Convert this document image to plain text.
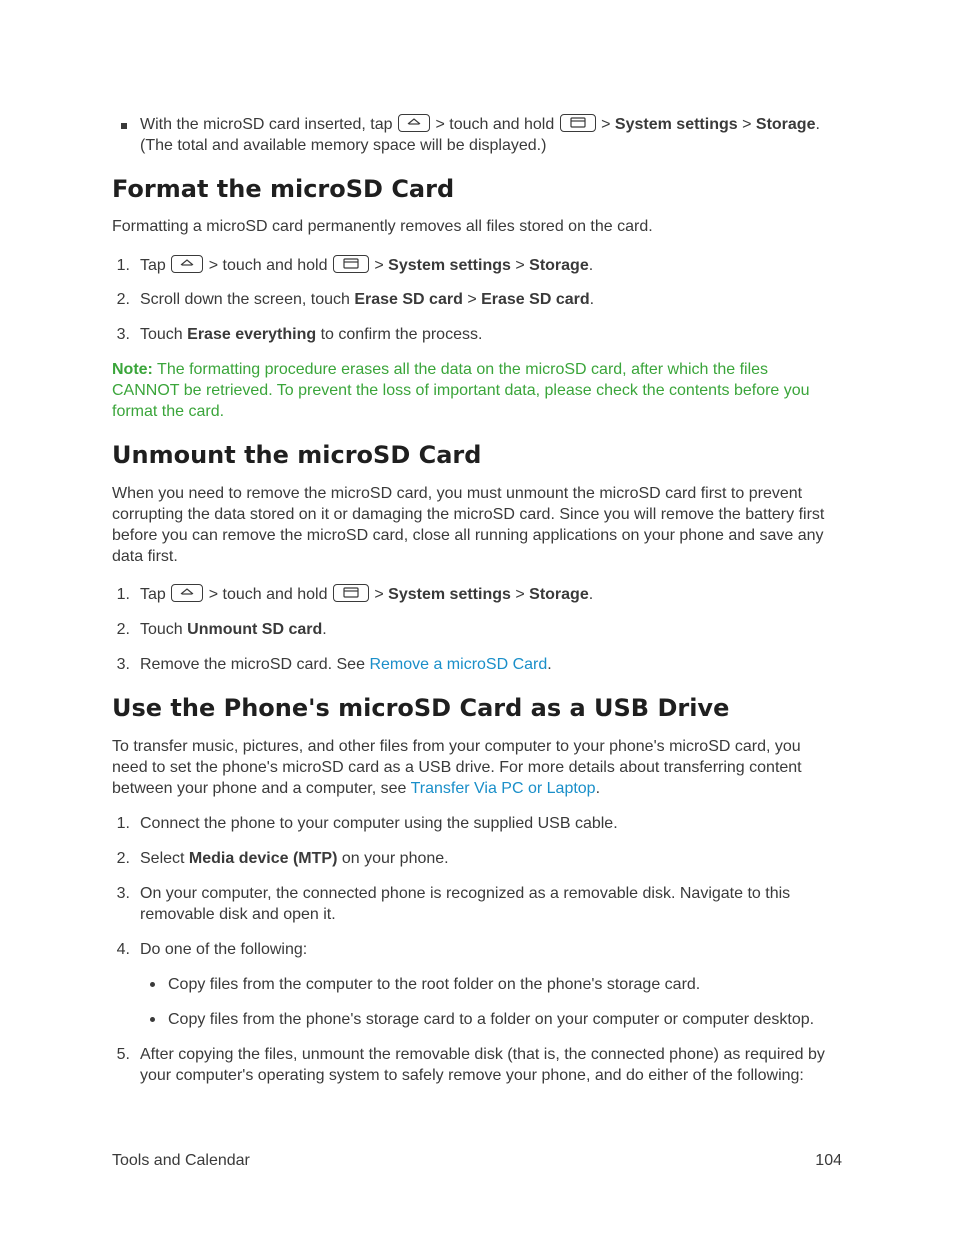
With the microSD card inserted, tap	> touch and hold	> System settings > Storage.
(The total and available memory space will be displayed.)
Format the microSD Card
Formatting a microSD card permanently removes all files stored on the card.
1. Tap	> touch and hold	> System settings > Storage.
2. Scroll down the screen, touch Erase SD card > Erase SD card.
3. Touch Erase everything to confirm the process.
Note: The formatting procedure erases all the data on the microSD card, after which the files
CANNOT be retrieved. To prevent the loss of important data, please check the contents before you
format the card.
Unmount the microSD Card
When you need to remove the microSD card, you must unmount the microSD card first to prevent
corrupting the data stored on it or damaging the microSD card. Since you will remove the battery first
before you can remove the microSD card, close all running applications on your phone and save any
data first.
1. Tap	> touch and hold	> System settings > Storage.
2. Touch Unmount SD card.
3. Remove the microSD card. See Remove a microSD Card.
Use the Phone's microSD Card as a USB Drive
To transfer music, pictures, and other files from your computer to your phone's microSD card, you
need to set the phone's microSD card as a USB drive. For more details about transferring content
between your phone and a computer, see Transfer Via PC or Laptop.
1. Connect the phone to your computer using the supplied USB cable.
2. Select Media device (MTP) on your phone.
3. On your computer, the connected phone is recognized as a removable disk. Navigate to this
removable disk and open it.
4. Do one of the following:
Copy files from the computer to the root folder on the phone's storage card.
Copy files from the phone's storage card to a folder on your computer or computer desktop.
5. After copying the files, unmount the removable disk (that is, the connected phone) as required by
your computer's operating system to safely remove your phone, and do either of the following:
Tools and Calendar	104
